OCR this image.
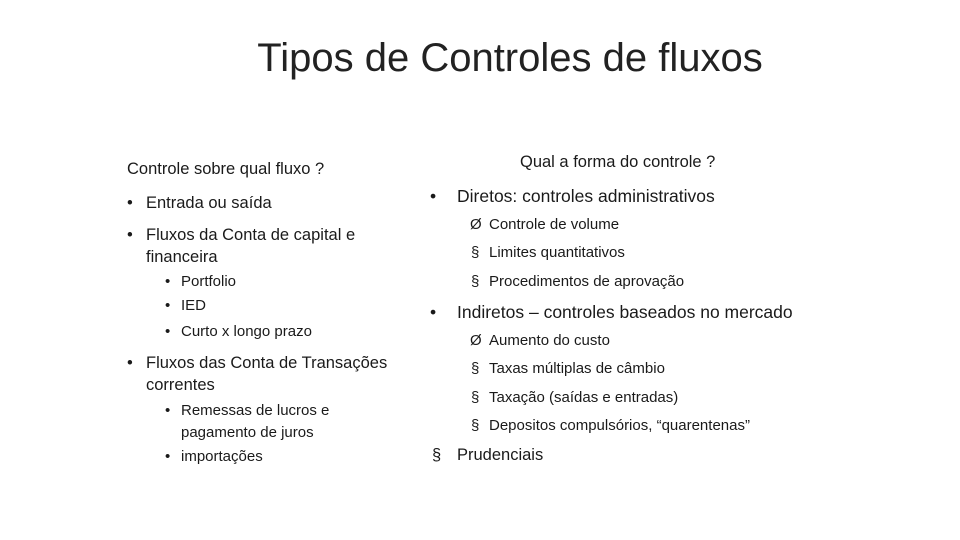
Tipos de Controles de fluxos
Controle sobre qual fluxo ?
• Entrada ou saída
• Fluxos da Conta de capital e
financeira
• Portfolio
• IED
• Curto x longo prazo
• Fluxos das Conta de Transações
correntes
• Remessas de lucros e
pagamento de juros
• importações
Qual a forma do controle ?
• Diretos: controles administrativos
Ø Controle de volume
§ Limites quantitativos
§ Procedimentos de aprovação
• Indiretos – controles baseados no mercado
Ø Aumento do custo
§ Taxas múltiplas de câmbio
§ Taxação (saídas e entradas)
§ Depositos compulsórios, “quarentenas”
§ Prudenciais
